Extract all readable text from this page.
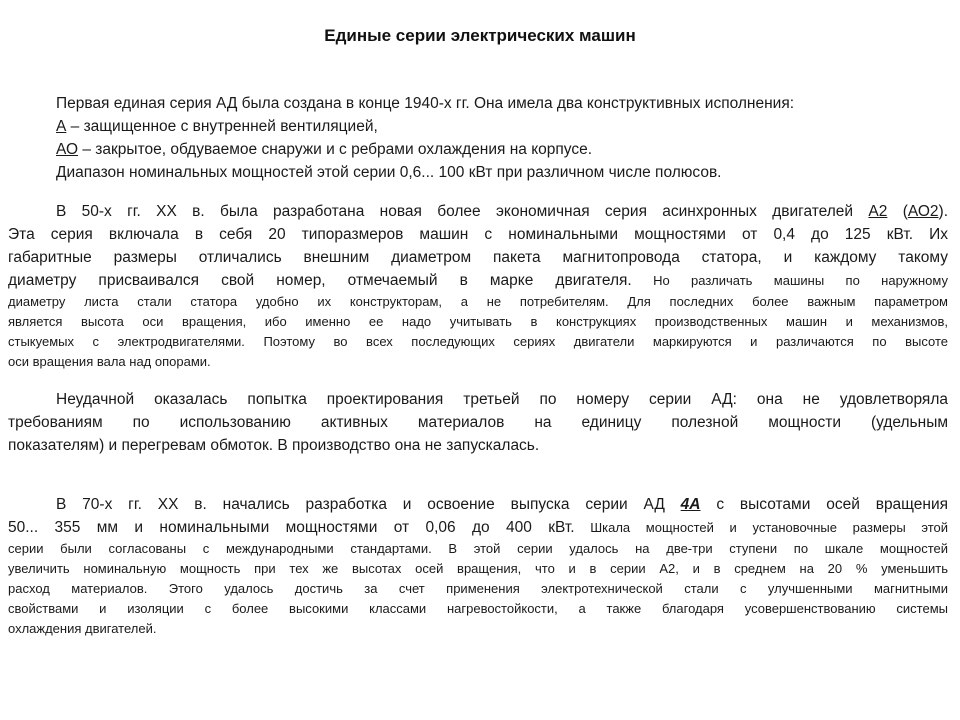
Единые серии электрических машин
Первая единая серия АД была создана в конце 1940-х гг. Она имела два конструктивных исполнения:
А – защищенное с внутренней вентиляцией,
АО – закрытое, обдуваемое снаружи и с ребрами охлаждения на корпусе.
Диапазон номинальных мощностей этой серии 0,6... 100 кВт при различном числе полюсов.
В 50-х гг. XX в. была разработана новая более экономичная серия асинхронных двигателей А2 (АО2).
Эта серия включала в себя 20 типоразмеров машин с номинальными мощностями от 0,4 до 125 кВт. Их
габаритные размеры отличались внешним диаметром пакета магнитопровода статора, и каждому такому
диаметру присваивался свой номер, отмечаемый в марке двигателя. Но различать машины по наружному
диаметру листа стали статора удобно их конструкторам, а не потребителям. Для последних более важным параметром
является высота оси вращения, ибо именно ее надо учитывать в конструкциях производственных машин и механизмов,
стыкуемых с электродвигателями. Поэтому во всех последующих сериях двигатели маркируются и различаются по высоте
оси вращения вала над опорами.
Неудачной оказалась попытка проектирования третьей по номеру серии АД: она не удовлетворяла
требованиям по использованию активных материалов на единицу полезной мощности (удельным
показателям) и перегревам обмоток. В производство она не запускалась.
В 70-х гг. XX в. начались разработка и освоение выпуска серии АД 4А с высотами осей вращения
50... 355 мм и номинальными мощностями от 0,06 до 400 кВт. Шкала мощностей и установочные размеры этой
серии были согласованы с международными стандартами. В этой серии удалось на две-три ступени по шкале мощностей
увеличить номинальную мощность при тех же высотах осей вращения, что и в серии А2, и в среднем на 20 % уменьшить
расход материалов. Этого удалось достичь за счет применения электротехнической стали с улучшенными магнитными
свойствами и изоляции с более высокими классами нагревостойкости, а также благодаря усовершенствованию системы
охлаждения двигателей.
